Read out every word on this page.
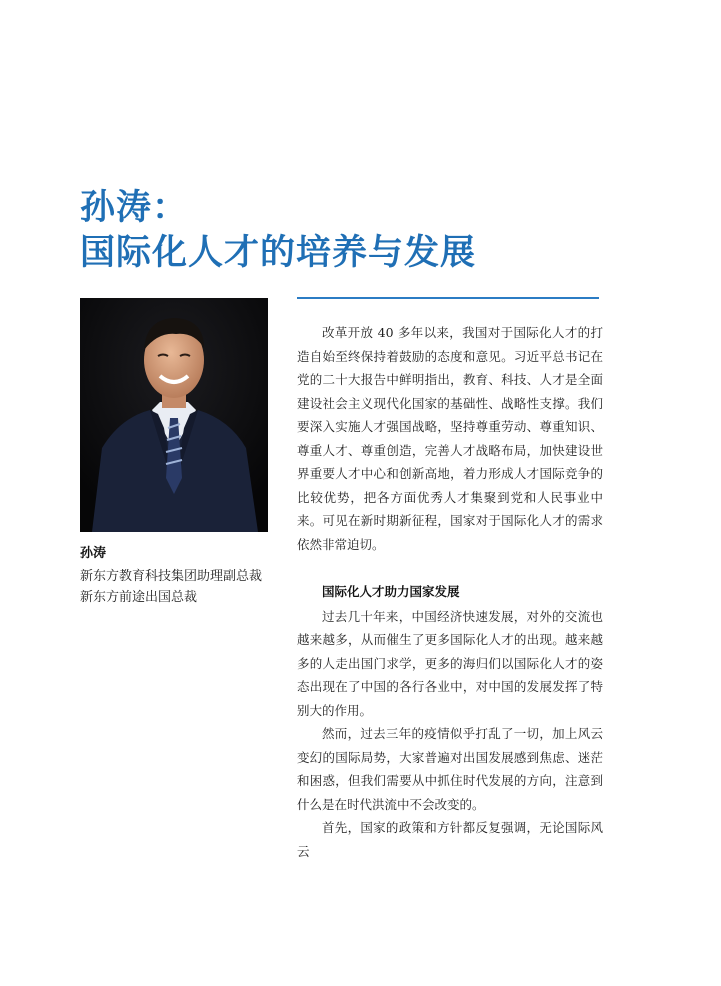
孙涛：
国际化人才的培养与发展
孙涛
新东方教育科技集团助理副总裁
新东方前途出国总裁

改革开放 40 多年以来，我国对于国际化人才的打造自始至终保持着鼓励的态度和意见。习近平总书记在党的二十大报告中鲜明指出，教育、科技、人才是全面建设社会主义现代化国家的基础性、战略性支撑。我们要深入实施人才强国战略，坚持尊重劳动、尊重知识、尊重人才、尊重创造，完善人才战略布局，加快建设世界重要人才中心和创新高地，着力形成人才国际竞争的比较优势，把各方面优秀人才集聚到党和人民事业中来。可见在新时期新征程，国家对于国际化人才的需求依然非常迫切。

国际化人才助力国家发展

过去几十年来，中国经济快速发展，对外的交流也越来越多，从而催生了更多国际化人才的出现。越来越多的人走出国门求学，更多的海归们以国际化人才的姿态出现在了中国的各行各业中，对中国的发展发挥了特别大的作用。

然而，过去三年的疫情似乎打乱了一切，加上风云变幻的国际局势，大家普遍对出国发展感到焦虑、迷茫和困惑，但我们需要从中抓住时代发展的方向，注意到什么是在时代洪流中不会改变的。

首先，国家的政策和方针都反复强调，无论国际风云
